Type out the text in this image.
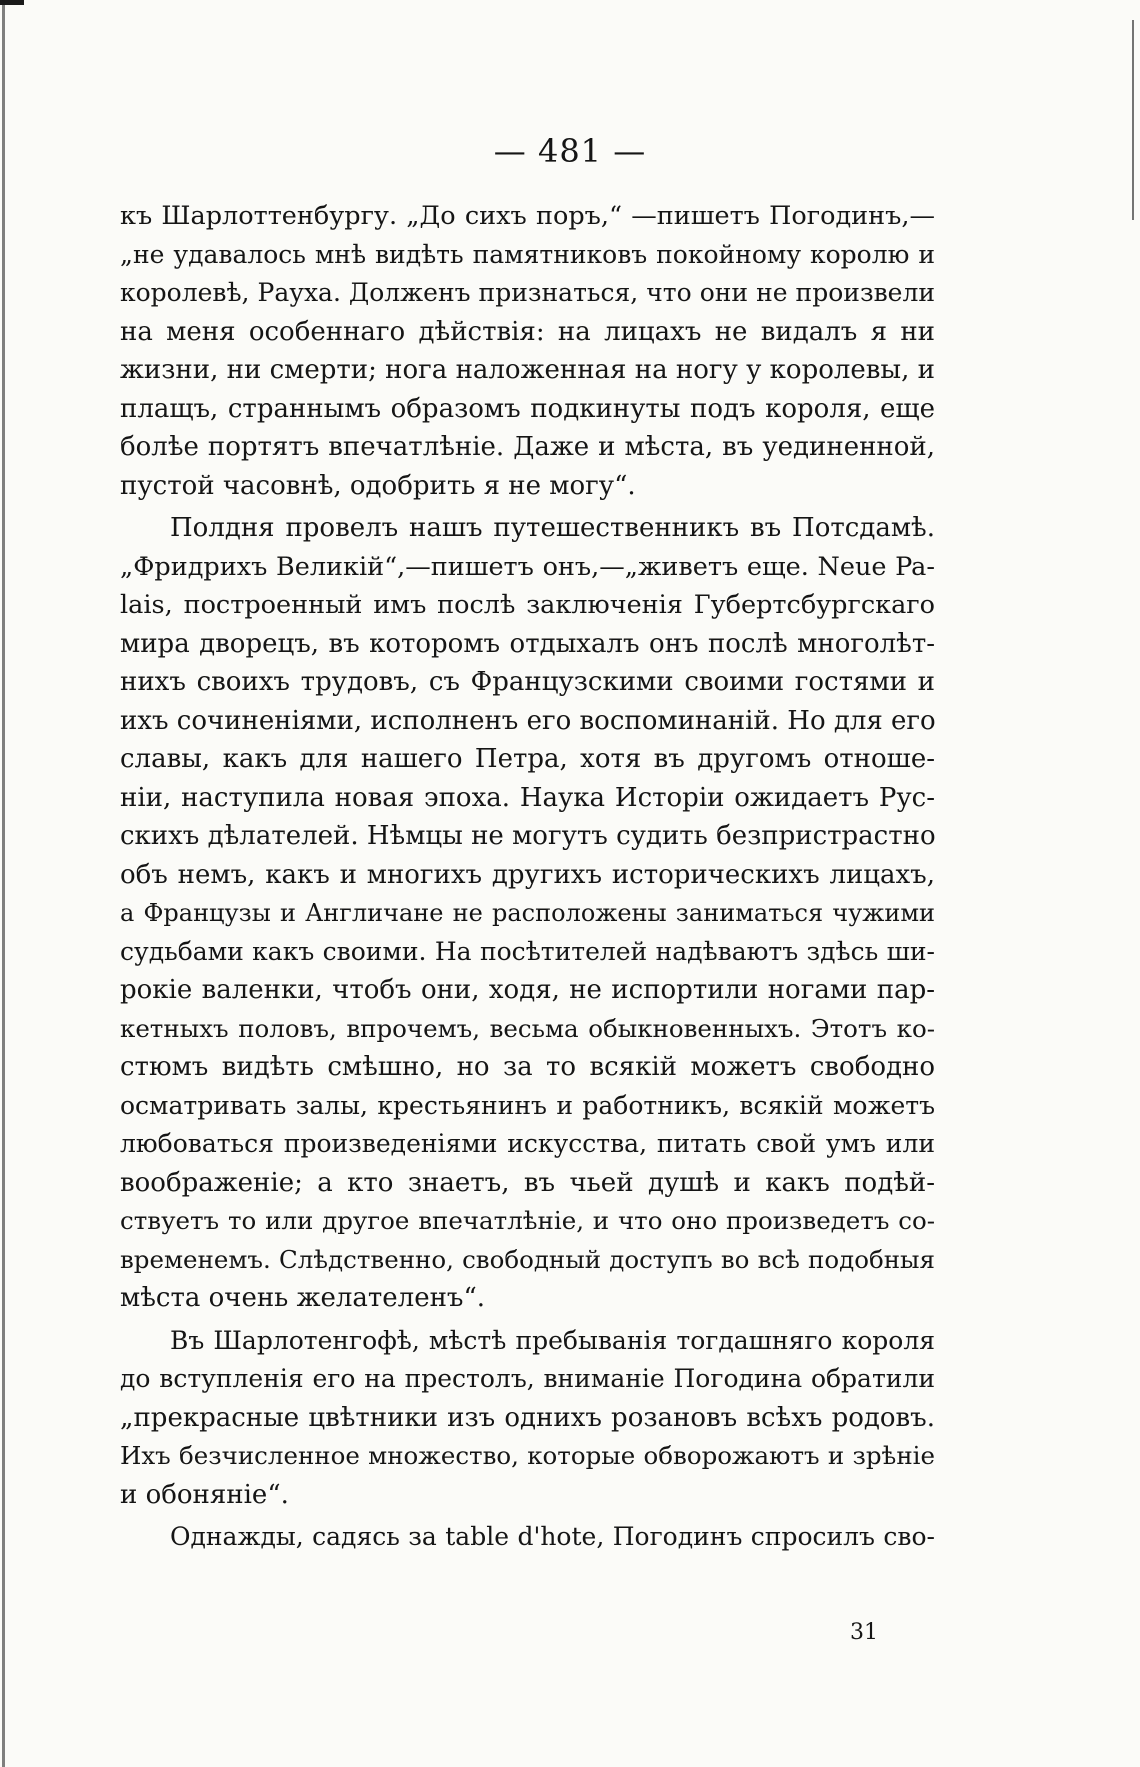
— 481 —
къ Шарлоттенбургу. „До сихъ поръ,“ —пишетъ Погодинъ,—
„не удавалось мнѣ видѣть памятниковъ покойному королю и
королевѣ, Рауха. Долженъ признаться, что они не произвели
на меня особеннаго дѣйствія: на лицахъ не видалъ я ни
жизни, ни смерти; нога наложенная на ногу у королевы, и
плащъ, страннымъ образомъ подкинуты подъ короля, еще
болѣе портятъ впечатлѣніе. Даже и мѣста, въ уединенной,
пустой часовнѣ, одобрить я не могу“.
Полдня провелъ нашъ путешественникъ въ Потсдамѣ.
„Фридрихъ Великій“,—пишетъ онъ,—„живетъ еще. Neue Pa-
lais, построенный имъ послѣ заключенія Губертсбургскаго
мира дворецъ, въ которомъ отдыхалъ онъ послѣ многолѣт-
нихъ своихъ трудовъ, съ Французскими своими гостями и
ихъ сочиненіями, исполненъ его воспоминаній. Но для его
славы, какъ для нашего Петра, хотя въ другомъ отноше-
ніи, наступила новая эпоха. Наука Исторіи ожидаетъ Рус-
скихъ дѣлателей. Нѣмцы не могутъ судить безпристрастно
объ немъ, какъ и многихъ другихъ историческихъ лицахъ,
а Французы и Англичане не расположены заниматься чужими
судьбами какъ своими. На посѣтителей надѣваютъ здѣсь ши-
рокіе валенки, чтобъ они, ходя, не испортили ногами пар-
кетныхъ половъ, впрочемъ, весьма обыкновенныхъ. Этотъ ко-
стюмъ видѣть смѣшно, но за то всякій можетъ свободно
осматривать залы, крестьянинъ и работникъ, всякій можетъ
любоваться произведеніями искусства, питать свой умъ или
воображеніе; а кто знаетъ, въ чьей душѣ и какъ подѣй-
ствуетъ то или другое впечатлѣніе, и что оно произведетъ со-
временемъ. Слѣдственно, свободный доступъ во всѣ подобныя
мѣста очень желателенъ“.
Въ Шарлотенгофѣ, мѣстѣ пребыванія тогдашняго короля
до вступленія его на престолъ, вниманіе Погодина обратили
„прекрасные цвѣтники изъ однихъ розановъ всѣхъ родовъ.
Ихъ безчисленное множество, которые обворожаютъ и зрѣніе
и обоняніе“.
Однажды, садясь за table d'hote, Погодинъ спросилъ сво-
31
